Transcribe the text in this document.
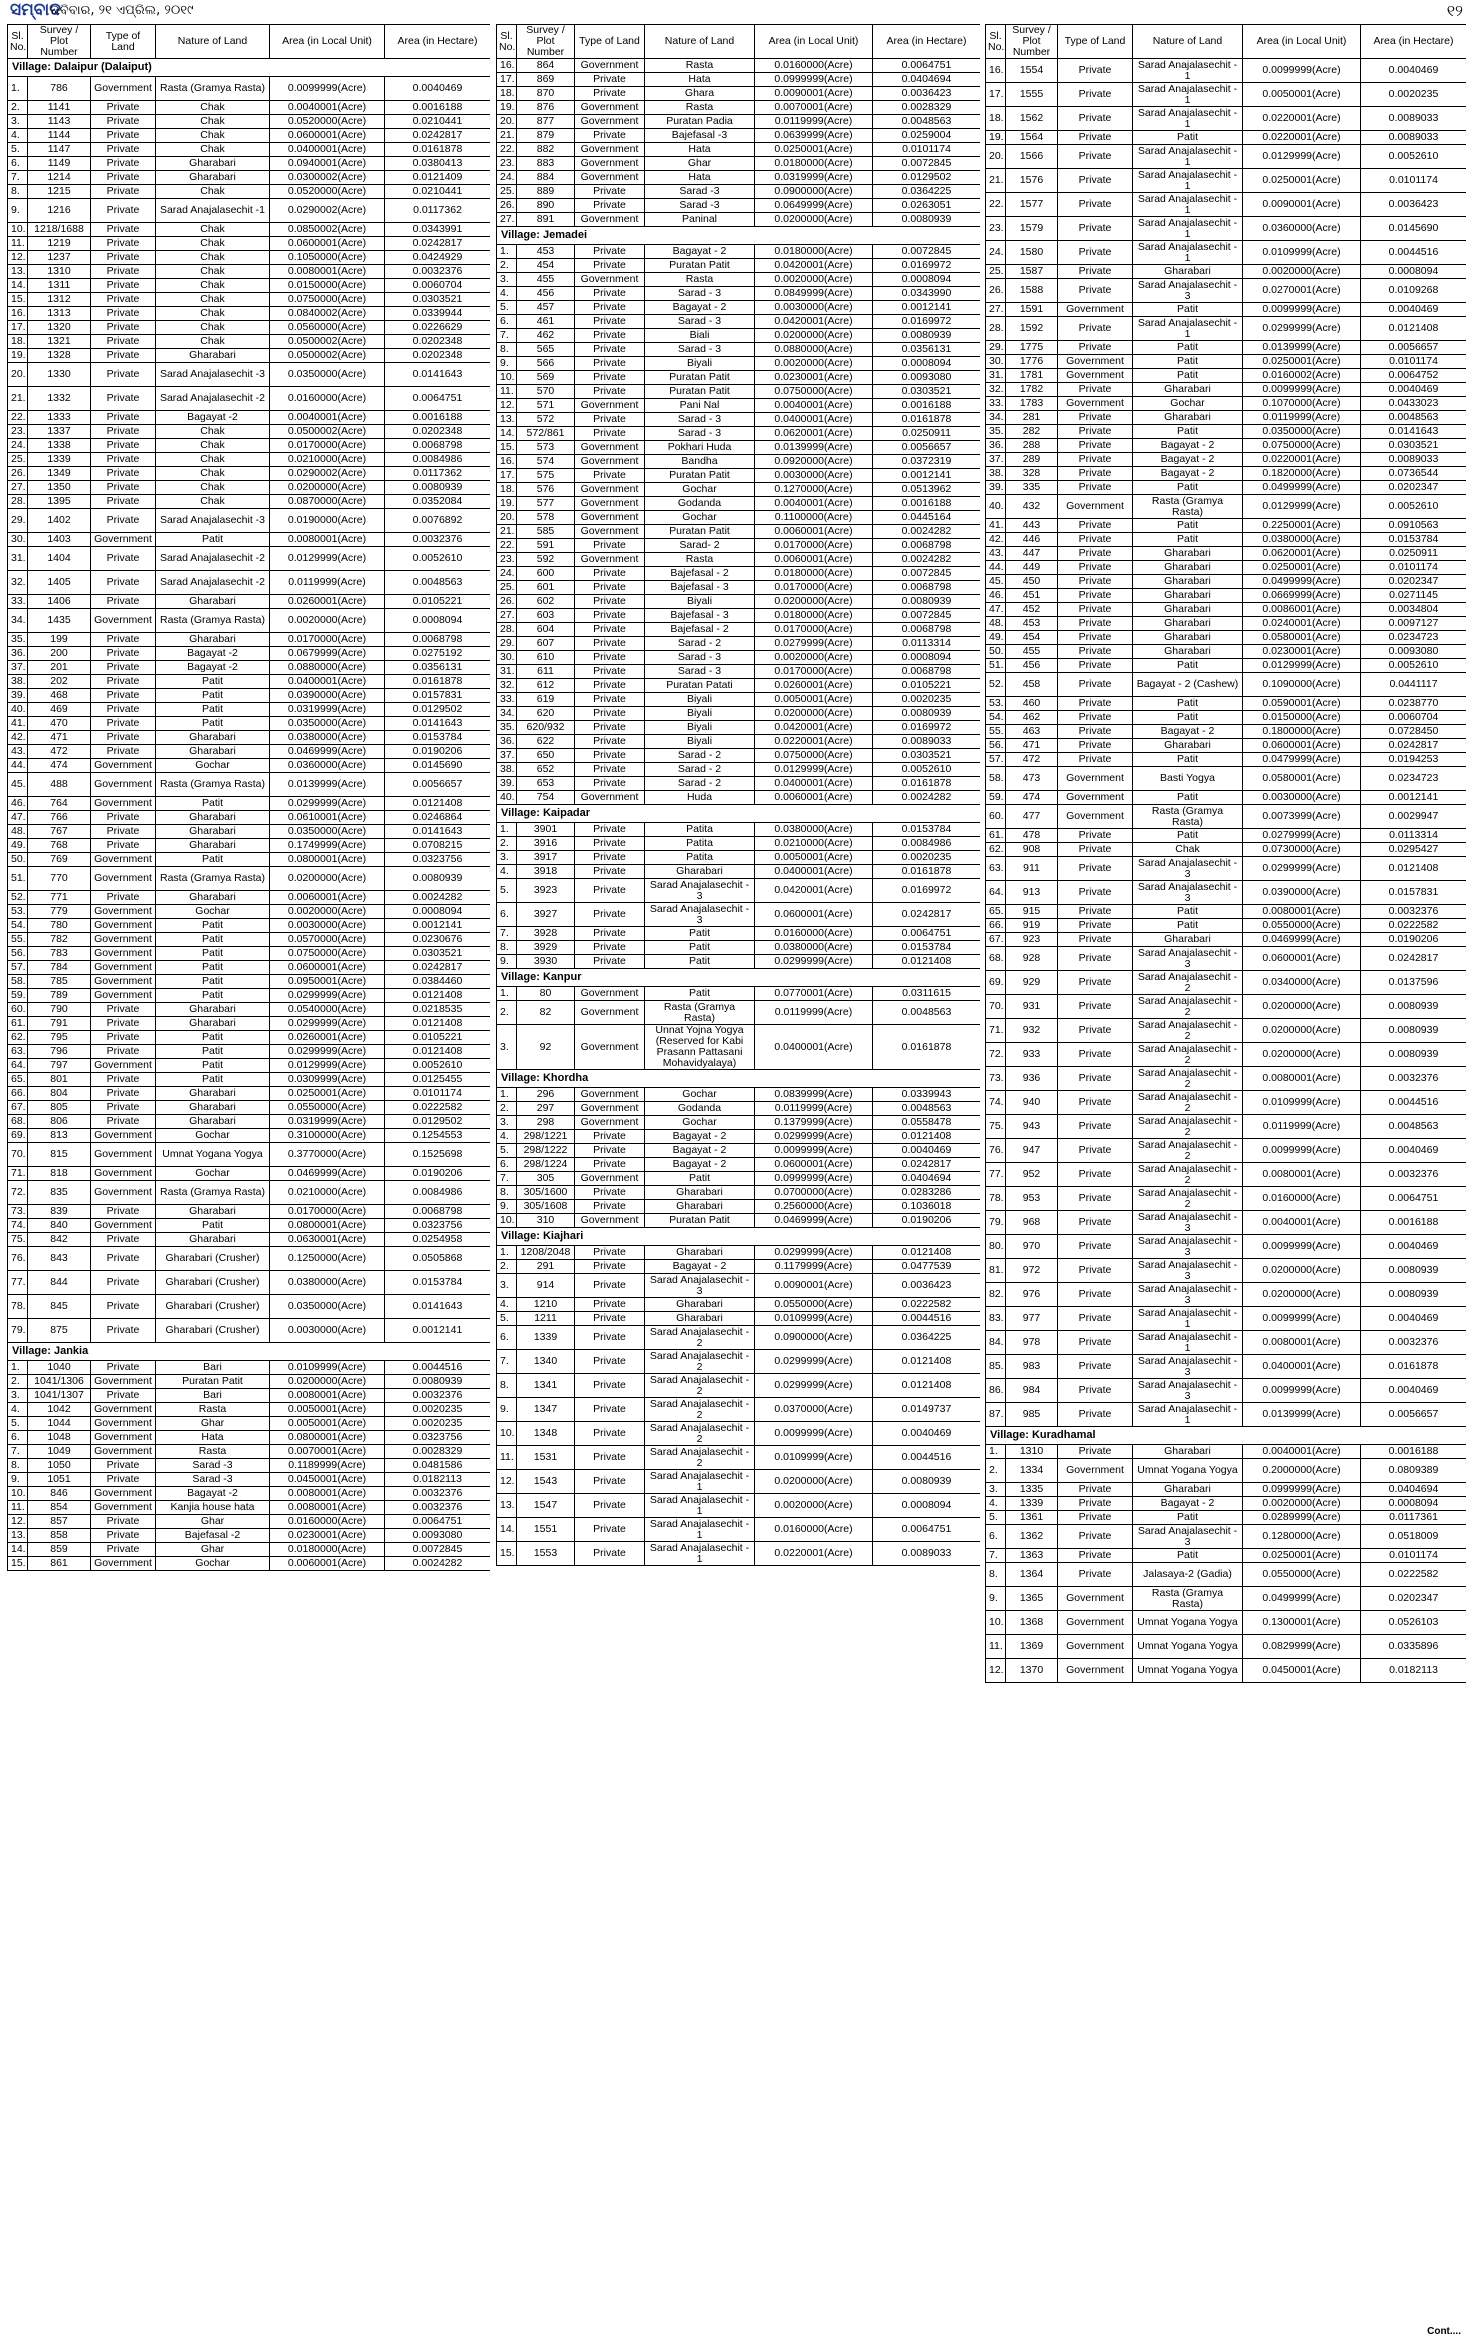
ସମ୍ବାଦ
ରବିବାର, ୨୧ ଏପ୍ରିଲ, ୨୦୧୯	୧୨
Sl. No.	Survey / Plot Number	Type of Land	Nature of Land	Area (in Local Unit)	Area (in Hectare)
Village: Dalaipur (Dalaiput)					
1.	786	Government	Rasta (Gramya Rasta)	0.0099999(Acre)	0.0040469
2.	1141	Private	Chak	0.0040001(Acre)	0.0016188
3.	1143	Private	Chak	0.0520000(Acre)	0.0210441
4.	1144	Private	Chak	0.0600001(Acre)	0.0242817
5.	1147	Private	Chak	0.0400001(Acre)	0.0161878
6.	1149	Private	Gharabari	0.0940001(Acre)	0.0380413
7.	1214	Private	Gharabari	0.0300002(Acre)	0.0121409
8.	1215	Private	Chak	0.0520000(Acre)	0.0210441
9.	1216	Private	Sarad Anajalasechit -1	0.0290002(Acre)	0.0117362
10.	1218/1688	Private	Chak	0.0850002(Acre)	0.0343991
11.	1219	Private	Chak	0.0600001(Acre)	0.0242817
12.	1237	Private	Chak	0.1050000(Acre)	0.0424929
13.	1310	Private	Chak	0.0080001(Acre)	0.0032376
14.	1311	Private	Chak	0.0150000(Acre)	0.0060704
15.	1312	Private	Chak	0.0750000(Acre)	0.0303521
16.	1313	Private	Chak	0.0840002(Acre)	0.0339944
17.	1320	Private	Chak	0.0560000(Acre)	0.0226629
18.	1321	Private	Chak	0.0500002(Acre)	0.0202348
19.	1328	Private	Gharabari	0.0500002(Acre)	0.0202348
20.	1330	Private	Sarad Anajalasechit -3	0.0350000(Acre)	0.0141643
21.	1332	Private	Sarad Anajalasechit -2	0.0160000(Acre)	0.0064751
22.	1333	Private	Bagayat -2	0.0040001(Acre)	0.0016188
23.	1337	Private	Chak	0.0500002(Acre)	0.0202348
24.	1338	Private	Chak	0.0170000(Acre)	0.0068798
25.	1339	Private	Chak	0.0210000(Acre)	0.0084986
26.	1349	Private	Chak	0.0290002(Acre)	0.0117362
27.	1350	Private	Chak	0.0200000(Acre)	0.0080939
28.	1395	Private	Chak	0.0870000(Acre)	0.0352084
29.	1402	Private	Sarad Anajalasechit -3	0.0190000(Acre)	0.0076892
30.	1403	Government	Patit	0.0080001(Acre)	0.0032376
31.	1404	Private	Sarad Anajalasechit -2	0.0129999(Acre)	0.0052610
32.	1405	Private	Sarad Anajalasechit -2	0.0119999(Acre)	0.0048563
33.	1406	Private	Gharabari	0.0260001(Acre)	0.0105221
34.	1435	Government	Rasta (Gramya Rasta)	0.0020000(Acre)	0.0008094
35.	199	Private	Gharabari	0.0170000(Acre)	0.0068798
36.	200	Private	Bagayat -2	0.0679999(Acre)	0.0275192
37.	201	Private	Bagayat -2	0.0880000(Acre)	0.0356131
38.	202	Private	Patit	0.0400001(Acre)	0.0161878
39.	468	Private	Patit	0.0390000(Acre)	0.0157831
40.	469	Private	Patit	0.0319999(Acre)	0.0129502
41.	470	Private	Patit	0.0350000(Acre)	0.0141643
42.	471	Private	Gharabari	0.0380000(Acre)	0.0153784
43.	472	Private	Gharabari	0.0469999(Acre)	0.0190206
44.	474	Government	Gochar	0.0360000(Acre)	0.0145690
45.	488	Government	Rasta (Gramya Rasta)	0.0139999(Acre)	0.0056657
46.	764	Government	Patit	0.0299999(Acre)	0.0121408
47.	766	Private	Gharabari	0.0610001(Acre)	0.0246864
48.	767	Private	Gharabari	0.0350000(Acre)	0.0141643
49.	768	Private	Gharabari	0.1749999(Acre)	0.0708215
50.	769	Government	Patit	0.0800001(Acre)	0.0323756
51.	770	Government	Rasta (Gramya Rasta)	0.0200000(Acre)	0.0080939
52.	771	Private	Gharabari	0.0060001(Acre)	0.0024282
53.	779	Government	Gochar	0.0020000(Acre)	0.0008094
54.	780	Government	Patit	0.0030000(Acre)	0.0012141
55.	782	Government	Patit	0.0570000(Acre)	0.0230676
56.	783	Government	Patit	0.0750000(Acre)	0.0303521
57.	784	Government	Patit	0.0600001(Acre)	0.0242817
58.	785	Government	Patit	0.0950001(Acre)	0.0384460
59.	789	Government	Patit	0.0299999(Acre)	0.0121408
60.	790	Private	Gharabari	0.0540000(Acre)	0.0218535
61.	791	Private	Gharabari	0.0299999(Acre)	0.0121408
62.	795	Private	Patit	0.0260001(Acre)	0.0105221
63.	796	Private	Patit	0.0299999(Acre)	0.0121408
64.	797	Government	Patit	0.0129999(Acre)	0.0052610
65.	801	Private	Patit	0.0309999(Acre)	0.0125455
66.	804	Private	Gharabari	0.0250001(Acre)	0.0101174
67.	805	Private	Gharabari	0.0550000(Acre)	0.0222582
68.	806	Private	Gharabari	0.0319999(Acre)	0.0129502
69.	813	Government	Gochar	0.3100000(Acre)	0.1254553
70.	815	Government	Umnat Yogana Yogya	0.3770000(Acre)	0.1525698
71.	818	Government	Gochar	0.0469999(Acre)	0.0190206
72.	835	Government	Rasta (Gramya Rasta)	0.0210000(Acre)	0.0084986
73.	839	Private	Gharabari	0.0170000(Acre)	0.0068798
74.	840	Government	Patit	0.0800001(Acre)	0.0323756
75.	842	Private	Gharabari	0.0630001(Acre)	0.0254958
76.	843	Private	Gharabari (Crusher)	0.1250000(Acre)	0.0505868
77.	844	Private	Gharabari (Crusher)	0.0380000(Acre)	0.0153784
78.	845	Private	Gharabari (Crusher)	0.0350000(Acre)	0.0141643
79.	875	Private	Gharabari (Crusher)	0.0030000(Acre)	0.0012141
Village: Jankia					
1.	1040	Private	Bari	0.0109999(Acre)	0.0044516
2.	1041/1306	Government	Puratan Patit	0.0200000(Acre)	0.0080939
3.	1041/1307	Private	Bari	0.0080001(Acre)	0.0032376
4.	1042	Government	Rasta	0.0050001(Acre)	0.0020235
5.	1044	Government	Ghar	0.0050001(Acre)	0.0020235
6.	1048	Government	Hata	0.0800001(Acre)	0.0323756
7.	1049	Government	Rasta	0.0070001(Acre)	0.0028329
8.	1050	Private	Sarad -3	0.1189999(Acre)	0.0481586
9.	1051	Private	Sarad -3	0.0450001(Acre)	0.0182113
10.	846	Government	Bagayat -2	0.0080001(Acre)	0.0032376
11.	854	Government	Kanjia house hata	0.0080001(Acre)	0.0032376
12.	857	Private	Ghar	0.0160000(Acre)	0.0064751
13.	858	Private	Bajefasal -2	0.0230001(Acre)	0.0093080
14.	859	Private	Ghar	0.0180000(Acre)	0.0072845
15.	861	Government	Gochar	0.0060001(Acre)	0.0024282
Sl. No.	Survey / Plot Number	Type of Land	Nature of Land	Area (in Local Unit)	Area (in Hectare)
16.	864	Government	Rasta	0.0160000(Acre)	0.0064751
17.	869	Private	Hata	0.0999999(Acre)	0.0404694
18.	870	Private	Ghara	0.0090001(Acre)	0.0036423
19.	876	Government	Rasta	0.0070001(Acre)	0.0028329
20.	877	Government	Puratan Padia	0.0119999(Acre)	0.0048563
21.	879	Private	Bajefasal -3	0.0639999(Acre)	0.0259004
22.	882	Government	Hata	0.0250001(Acre)	0.0101174
23.	883	Government	Ghar	0.0180000(Acre)	0.0072845
24.	884	Government	Hata	0.0319999(Acre)	0.0129502
25.	889	Private	Sarad -3	0.0900000(Acre)	0.0364225
26.	890	Private	Sarad -3	0.0649999(Acre)	0.0263051
27.	891	Government	Paninal	0.0200000(Acre)	0.0080939
Village: Jemadei					
1.	453	Private	Bagayat - 2	0.0180000(Acre)	0.0072845
2.	454	Private	Puratan Patit	0.0420001(Acre)	0.0169972
3.	455	Government	Rasta	0.0020000(Acre)	0.0008094
4.	456	Private	Sarad - 3	0.0849999(Acre)	0.0343990
5.	457	Private	Bagayat - 2	0.0030000(Acre)	0.0012141
6.	461	Private	Sarad - 3	0.0420001(Acre)	0.0169972
7.	462	Private	Biali	0.0200000(Acre)	0.0080939
8.	565	Private	Sarad - 3	0.0880000(Acre)	0.0356131
9.	566	Private	Biyali	0.0020000(Acre)	0.0008094
10.	569	Private	Puratan Patit	0.0230001(Acre)	0.0093080
11.	570	Private	Puratan Patit	0.0750000(Acre)	0.0303521
12.	571	Government	Pani Nal	0.0040001(Acre)	0.0016188
13.	572	Private	Sarad - 3	0.0400001(Acre)	0.0161878
14.	572/861	Private	Sarad - 3	0.0620001(Acre)	0.0250911
15.	573	Government	Pokhari Huda	0.0139999(Acre)	0.0056657
16.	574	Government	Bandha	0.0920000(Acre)	0.0372319
17.	575	Private	Puratan Patit	0.0030000(Acre)	0.0012141
18.	576	Government	Gochar	0.1270000(Acre)	0.0513962
19.	577	Government	Godanda	0.0040001(Acre)	0.0016188
20.	578	Government	Gochar	0.1100000(Acre)	0.0445164
21.	585	Government	Puratan Patit	0.0060001(Acre)	0.0024282
22.	591	Private	Sarad- 2	0.0170000(Acre)	0.0068798
23.	592	Government	Rasta	0.0060001(Acre)	0.0024282
24.	600	Private	Bajefasal - 2	0.0180000(Acre)	0.0072845
25.	601	Private	Bajefasal - 3	0.0170000(Acre)	0.0068798
26.	602	Private	Biyali	0.0200000(Acre)	0.0080939
27.	603	Private	Bajefasal - 3	0.0180000(Acre)	0.0072845
28.	604	Private	Bajefasal - 2	0.0170000(Acre)	0.0068798
29.	607	Private	Sarad - 2	0.0279999(Acre)	0.0113314
30.	610	Private	Sarad - 3	0.0020000(Acre)	0.0008094
31.	611	Private	Sarad - 3	0.0170000(Acre)	0.0068798
32.	612	Private	Puratan Patati	0.0260001(Acre)	0.0105221
33.	619	Private	Biyali	0.0050001(Acre)	0.0020235
34.	620	Private	Biyali	0.0200000(Acre)	0.0080939
35.	620/932	Private	Biyali	0.0420001(Acre)	0.0169972
36.	622	Private	Biyali	0.0220001(Acre)	0.0089033
37.	650	Private	Sarad - 2	0.0750000(Acre)	0.0303521
38.	652	Private	Sarad - 2	0.0129999(Acre)	0.0052610
39.	653	Private	Sarad - 2	0.0400001(Acre)	0.0161878
40.	754	Government	Huda	0.0060001(Acre)	0.0024282
Village: Kaipadar					
1.	3901	Private	Patita	0.0380000(Acre)	0.0153784
2.	3916	Private	Patita	0.0210000(Acre)	0.0084986
3.	3917	Private	Patita	0.0050001(Acre)	0.0020235
4.	3918	Private	Gharabari	0.0400001(Acre)	0.0161878
5.	3923	Private	Sarad Anajalasechit - 3	0.0420001(Acre)	0.0169972
6.	3927	Private	Sarad Anajalasechit - 3	0.0600001(Acre)	0.0242817
7.	3928	Private	Patit	0.0160000(Acre)	0.0064751
8.	3929	Private	Patit	0.0380000(Acre)	0.0153784
9.	3930	Private	Patit	0.0299999(Acre)	0.0121408
Village: Kanpur					
1.	80	Government	Patit	0.0770001(Acre)	0.0311615
2.	82	Government	Rasta (Gramya Rasta)	0.0119999(Acre)	0.0048563
3.	92	Government	Unnat Yojna Yogya (Reserved for Kabi Prasann Pattasani Mohavidyalaya)	0.0400001(Acre)	0.0161878
Village: Khordha					
1.	296	Government	Gochar	0.0839999(Acre)	0.0339943
2.	297	Government	Godanda	0.0119999(Acre)	0.0048563
3.	298	Government	Gochar	0.1379999(Acre)	0.0558478
4.	298/1221	Private	Bagayat - 2	0.0299999(Acre)	0.0121408
5.	298/1222	Private	Bagayat - 2	0.0099999(Acre)	0.0040469
6.	298/1224	Private	Bagayat - 2	0.0600001(Acre)	0.0242817
7.	305	Government	Patit	0.0999999(Acre)	0.0404694
8.	305/1600	Private	Gharabari	0.0700000(Acre)	0.0283286
9.	305/1608	Private	Gharabari	0.2560000(Acre)	0.1036018
10.	310	Government	Puratan Patit	0.0469999(Acre)	0.0190206
Village: Kiajhari					
1.	1208/2048	Private	Gharabari	0.0299999(Acre)	0.0121408
2.	291	Private	Bagayat - 2	0.1179999(Acre)	0.0477539
3.	914	Private	Sarad Anajalasechit - 3	0.0090001(Acre)	0.0036423
4.	1210	Private	Gharabari	0.0550000(Acre)	0.0222582
5.	1211	Private	Gharabari	0.0109999(Acre)	0.0044516
6.	1339	Private	Sarad Anajalasechit - 2	0.0900000(Acre)	0.0364225
7.	1340	Private	Sarad Anajalasechit - 2	0.0299999(Acre)	0.0121408
8.	1341	Private	Sarad Anajalasechit - 2	0.0299999(Acre)	0.0121408
9.	1347	Private	Sarad Anajalasechit - 2	0.0370000(Acre)	0.0149737
10.	1348	Private	Sarad Anajalasechit - 2	0.0099999(Acre)	0.0040469
11.	1531	Private	Sarad Anajalasechit - 2	0.0109999(Acre)	0.0044516
12.	1543	Private	Sarad Anajalasechit - 1	0.0200000(Acre)	0.0080939
13.	1547	Private	Sarad Anajalasechit - 1	0.0020000(Acre)	0.0008094
14.	1551	Private	Sarad Anajalasechit - 1	0.0160000(Acre)	0.0064751
15.	1553	Private	Sarad Anajalasechit - 1	0.0220001(Acre)	0.0089033
Sl. No.	Survey / Plot Number	Type of Land	Nature of Land	Area (in Local Unit)	Area (in Hectare)
16.	1554	Private	Sarad Anajalasechit - 1	0.0099999(Acre)	0.0040469
17.	1555	Private	Sarad Anajalasechit - 1	0.0050001(Acre)	0.0020235
18.	1562	Private	Sarad Anajalasechit - 1	0.0220001(Acre)	0.0089033
19.	1564	Private	Patit	0.0220001(Acre)	0.0089033
20.	1566	Private	Sarad Anajalasechit - 1	0.0129999(Acre)	0.0052610
21.	1576	Private	Sarad Anajalasechit - 1	0.0250001(Acre)	0.0101174
22.	1577	Private	Sarad Anajalasechit - 1	0.0090001(Acre)	0.0036423
23.	1579	Private	Sarad Anajalasechit - 1	0.0360000(Acre)	0.0145690
24.	1580	Private	Sarad Anajalasechit - 1	0.0109999(Acre)	0.0044516
25.	1587	Private	Gharabari	0.0020000(Acre)	0.0008094
26.	1588	Private	Sarad Anajalasechit - 3	0.0270001(Acre)	0.0109268
27.	1591	Government	Patit	0.0099999(Acre)	0.0040469
28.	1592	Private	Sarad Anajalasechit - 1	0.0299999(Acre)	0.0121408
29.	1775	Private	Patit	0.0139999(Acre)	0.0056657
30.	1776	Government	Patit	0.0250001(Acre)	0.0101174
31.	1781	Government	Patit	0.0160002(Acre)	0.0064752
32.	1782	Private	Gharabari	0.0099999(Acre)	0.0040469
33.	1783	Government	Gochar	0.1070000(Acre)	0.0433023
34.	281	Private	Gharabari	0.0119999(Acre)	0.0048563
35.	282	Private	Patit	0.0350000(Acre)	0.0141643
36.	288	Private	Bagayat - 2	0.0750000(Acre)	0.0303521
37.	289	Private	Bagayat - 2	0.0220001(Acre)	0.0089033
38.	328	Private	Bagayat - 2	0.1820000(Acre)	0.0736544
39.	335	Private	Patit	0.0499999(Acre)	0.0202347
40.	432	Government	Rasta (Gramya Rasta)	0.0129999(Acre)	0.0052610
41.	443	Private	Patit	0.2250001(Acre)	0.0910563
42.	446	Private	Patit	0.0380000(Acre)	0.0153784
43.	447	Private	Gharabari	0.0620001(Acre)	0.0250911
44.	449	Private	Gharabari	0.0250001(Acre)	0.0101174
45.	450	Private	Gharabari	0.0499999(Acre)	0.0202347
46.	451	Private	Gharabari	0.0669999(Acre)	0.0271145
47.	452	Private	Gharabari	0.0086001(Acre)	0.0034804
48.	453	Private	Gharabari	0.0240001(Acre)	0.0097127
49.	454	Private	Gharabari	0.0580001(Acre)	0.0234723
50.	455	Private	Gharabari	0.0230001(Acre)	0.0093080
51.	456	Private	Patit	0.0129999(Acre)	0.0052610
52.	458	Private	Bagayat - 2 (Cashew)	0.1090000(Acre)	0.0441117
53.	460	Private	Patit	0.0590001(Acre)	0.0238770
54.	462	Private	Patit	0.0150000(Acre)	0.0060704
55.	463	Private	Bagayat - 2	0.1800000(Acre)	0.0728450
56.	471	Private	Gharabari	0.0600001(Acre)	0.0242817
57.	472	Private	Patit	0.0479999(Acre)	0.0194253
58.	473	Government	Basti Yogya	0.0580001(Acre)	0.0234723
59.	474	Government	Patit	0.0030000(Acre)	0.0012141
60.	477	Government	Rasta (Gramya Rasta)	0.0073999(Acre)	0.0029947
61.	478	Private	Patit	0.0279999(Acre)	0.0113314
62.	908	Private	Chak	0.0730000(Acre)	0.0295427
63.	911	Private	Sarad Anajalasechit - 3	0.0299999(Acre)	0.0121408
64.	913	Private	Sarad Anajalasechit - 3	0.0390000(Acre)	0.0157831
65.	915	Private	Patit	0.0080001(Acre)	0.0032376
66.	919	Private	Patit	0.0550000(Acre)	0.0222582
67.	923	Private	Gharabari	0.0469999(Acre)	0.0190206
68.	928	Private	Sarad Anajalasechit - 3	0.0600001(Acre)	0.0242817
69.	929	Private	Sarad Anajalasechit - 2	0.0340000(Acre)	0.0137596
70.	931	Private	Sarad Anajalasechit - 2	0.0200000(Acre)	0.0080939
71.	932	Private	Sarad Anajalasechit - 2	0.0200000(Acre)	0.0080939
72.	933	Private	Sarad Anajalasechit - 2	0.0200000(Acre)	0.0080939
73.	936	Private	Sarad Anajalasechit - 2	0.0080001(Acre)	0.0032376
74.	940	Private	Sarad Anajalasechit - 2	0.0109999(Acre)	0.0044516
75.	943	Private	Sarad Anajalasechit - 2	0.0119999(Acre)	0.0048563
76.	947	Private	Sarad Anajalasechit - 2	0.0099999(Acre)	0.0040469
77.	952	Private	Sarad Anajalasechit - 2	0.0080001(Acre)	0.0032376
78.	953	Private	Sarad Anajalasechit - 2	0.0160000(Acre)	0.0064751
79.	968	Private	Sarad Anajalasechit - 3	0.0040001(Acre)	0.0016188
80.	970	Private	Sarad Anajalasechit - 3	0.0099999(Acre)	0.0040469
81.	972	Private	Sarad Anajalasechit - 3	0.0200000(Acre)	0.0080939
82.	976	Private	Sarad Anajalasechit - 3	0.0200000(Acre)	0.0080939
83.	977	Private	Sarad Anajalasechit - 1	0.0099999(Acre)	0.0040469
84.	978	Private	Sarad Anajalasechit - 1	0.0080001(Acre)	0.0032376
85.	983	Private	Sarad Anajalasechit - 3	0.0400001(Acre)	0.0161878
86.	984	Private	Sarad Anajalasechit - 3	0.0099999(Acre)	0.0040469
87.	985	Private	Sarad Anajalasechit - 1	0.0139999(Acre)	0.0056657
Village: Kuradhamal					
1.	1310	Private	Gharabari	0.0040001(Acre)	0.0016188
2.	1334	Government	Umnat Yogana Yogya	0.2000000(Acre)	0.0809389
3.	1335	Private	Gharabari	0.0999999(Acre)	0.0404694
4.	1339	Private	Bagayat - 2	0.0020000(Acre)	0.0008094
5.	1361	Private	Patit	0.0289999(Acre)	0.0117361
6.	1362	Private	Sarad Anajalasechit - 3	0.1280000(Acre)	0.0518009
7.	1363	Private	Patit	0.0250001(Acre)	0.0101174
8.	1364	Private	Jalasaya-2 (Gadia)	0.0550000(Acre)	0.0222582
9.	1365	Government	Rasta (Gramya Rasta)	0.0499999(Acre)	0.0202347
10.	1368	Government	Umnat Yogana Yogya	0.1300001(Acre)	0.0526103
11.	1369	Government	Umnat Yogana Yogya	0.0829999(Acre)	0.0335896
12.	1370	Government	Umnat Yogana Yogya	0.0450001(Acre)	0.0182113
Cont....
